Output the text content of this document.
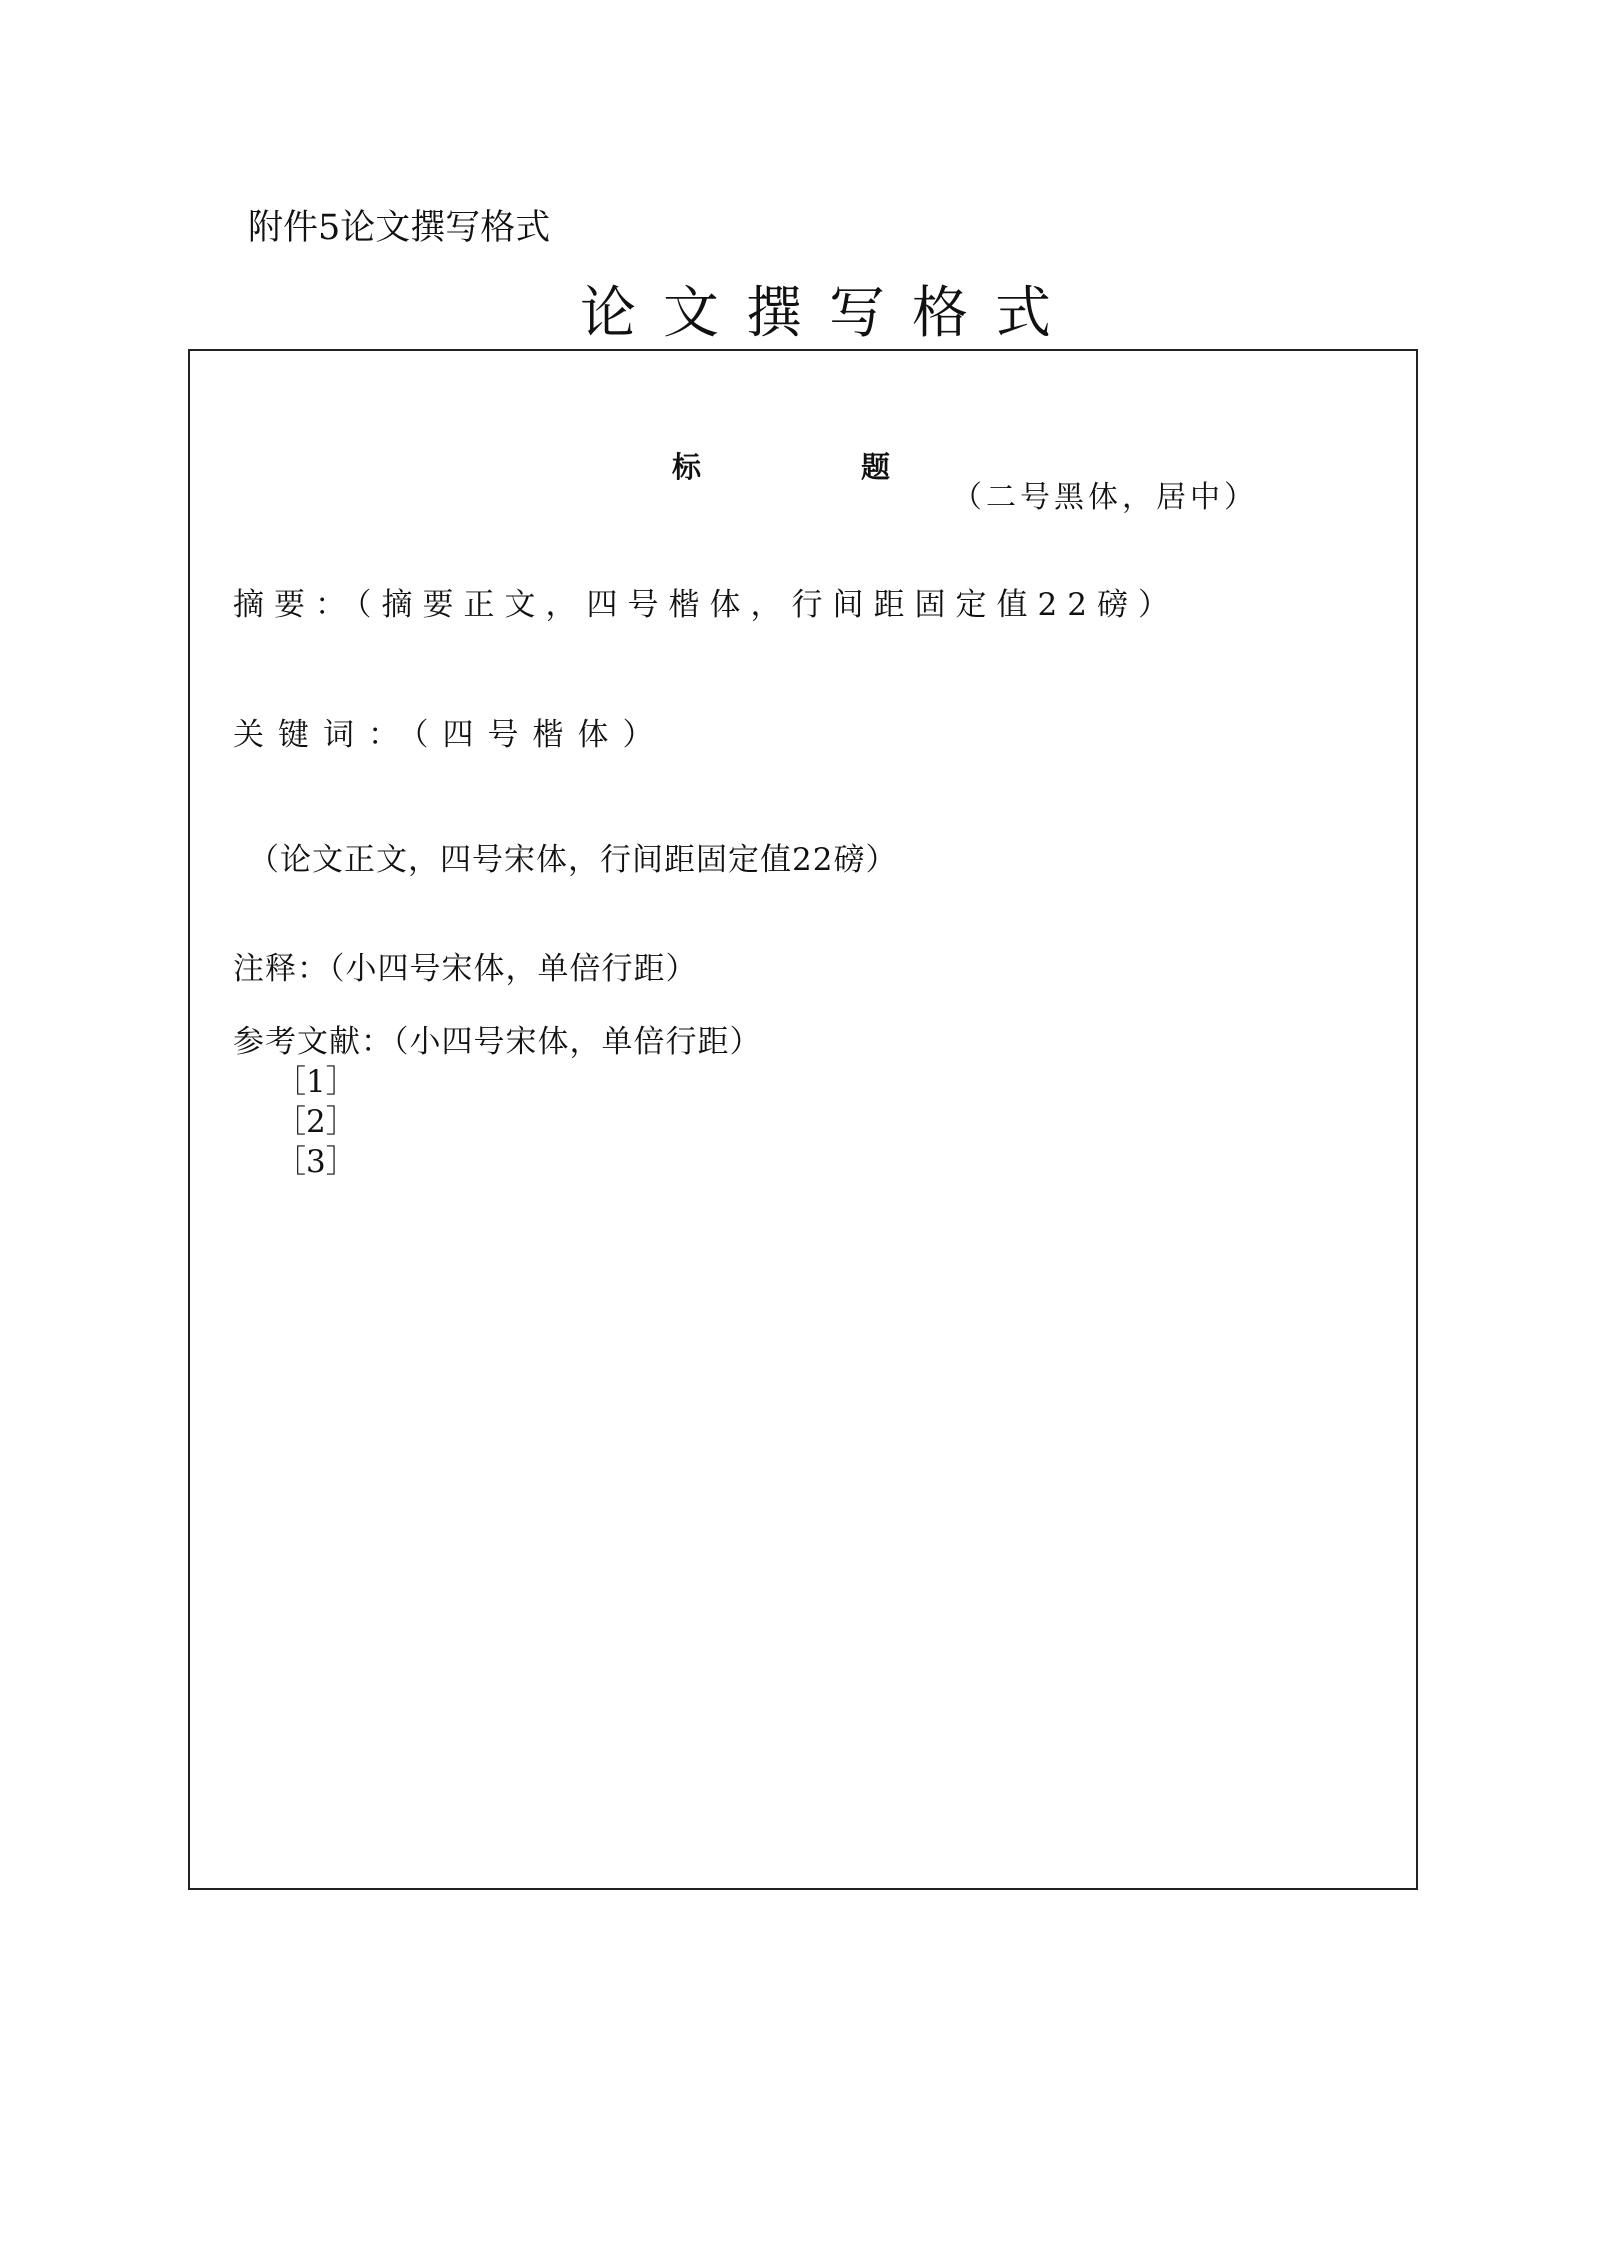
附件5论文撰写格式
论文撰写格式
标题
（二号黑体，居中）
摘要：（摘要正文，四号楷体，行间距固定值22磅）
关键词：（四号楷体）
（论文正文，四号宋体，行间距固定值22磅）
注释：（小四号宋体，单倍行距）
参考文献：（小四号宋体，单倍行距）
［1］
［2］
［3］
